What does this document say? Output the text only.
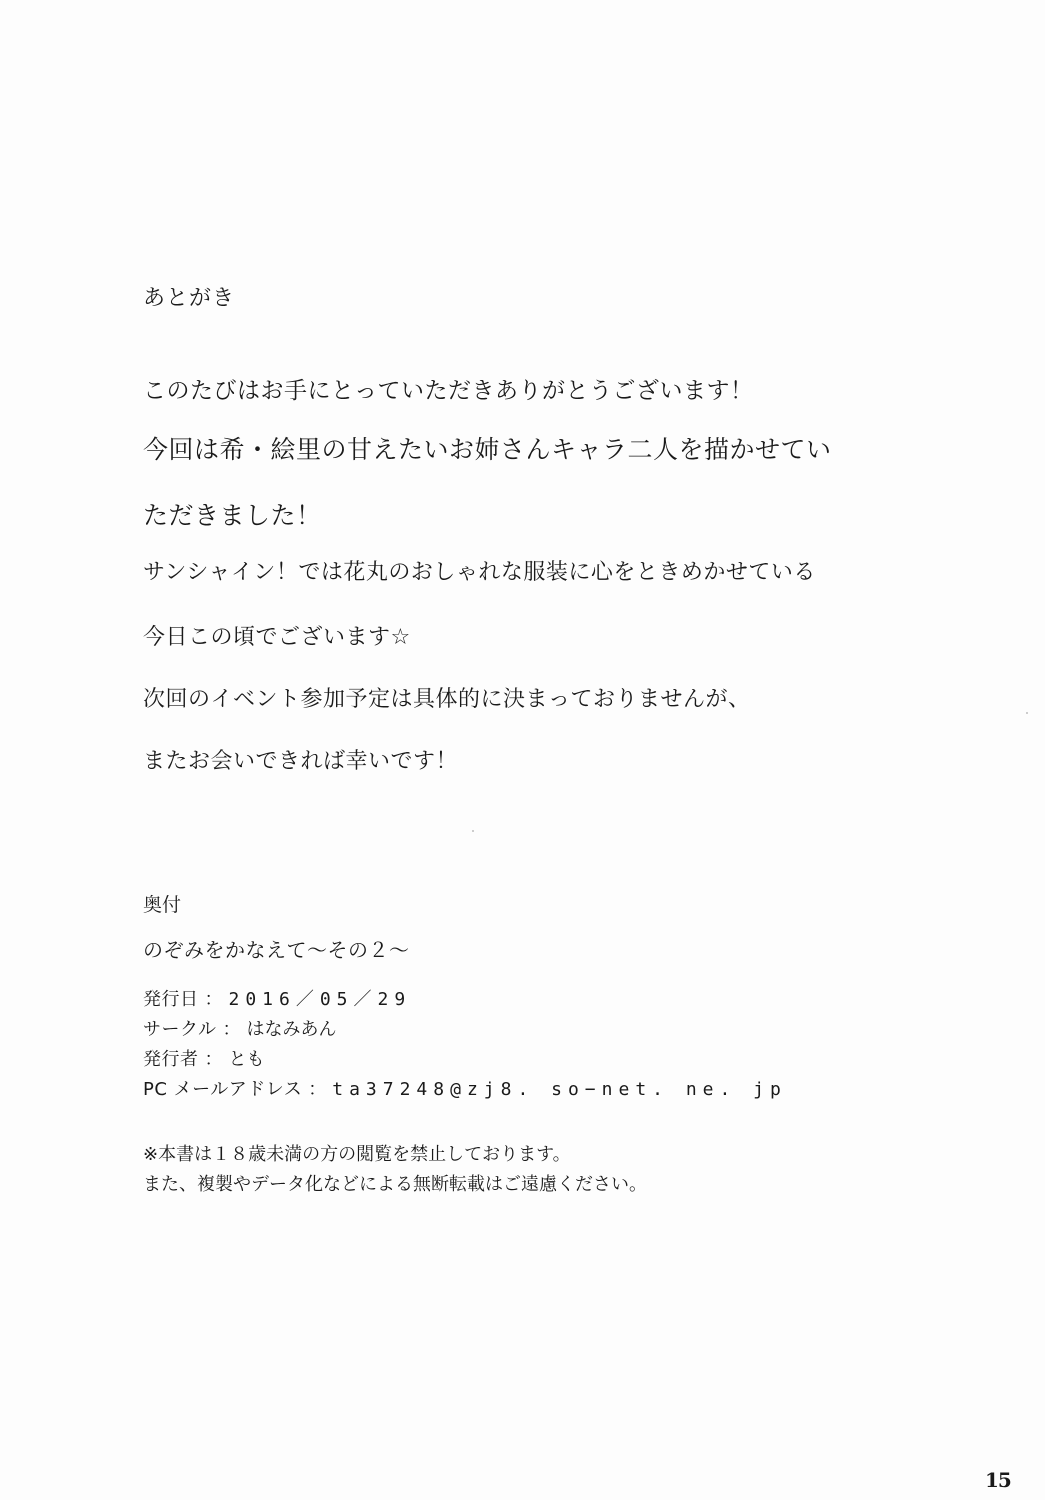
あとがき
このたびはお手にとっていただきありがとうございます！
今回は希・絵里の甘えたいお姉さんキャラ二人を描かせてい
ただきました！
サンシャイン！では花丸のおしゃれな服装に心をときめかせている
今日この頃でございます☆
次回のイベント参加予定は具体的に決まっておりませんが、
またお会いできれば幸いです！
奥付
のぞみをかなえて〜その２〜
発行日 ： 2016／05／29
サークル ： はなみあん
発行者 ： とも
PC メールアドレス ： ta37248@zj8. so−net. ne. jp
※本書は１８歳未満の方の閲覧を禁止しております。
また、複製やデータ化などによる無断転載はご遠慮ください。
15
